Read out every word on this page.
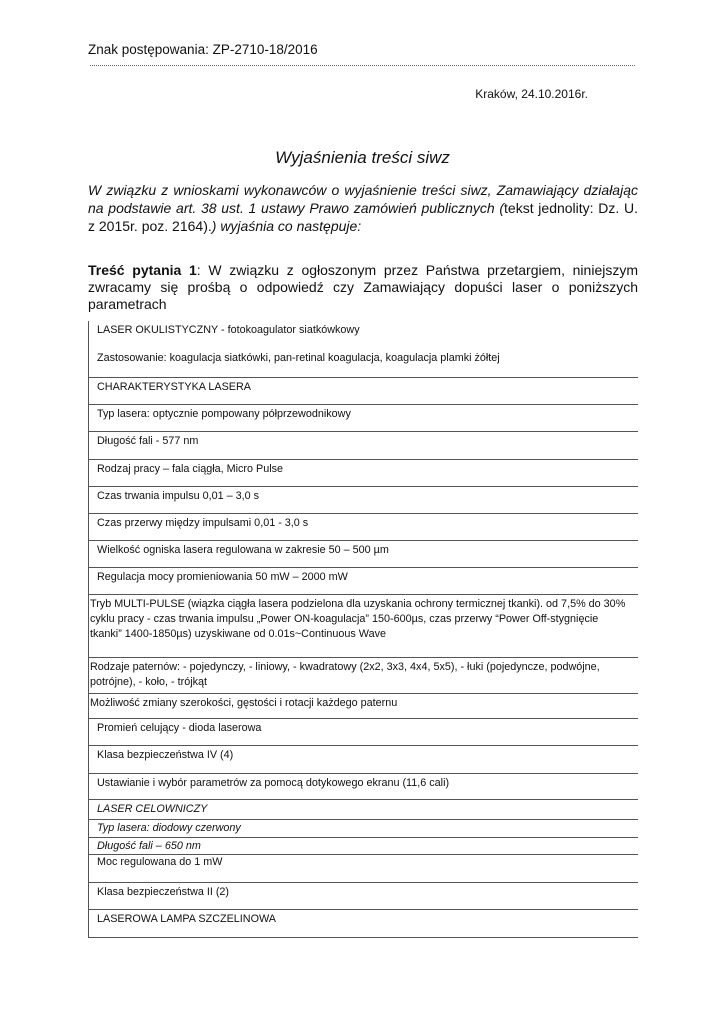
Znak postępowania: ZP-2710-18/2016
Kraków, 24.10.2016r.
Wyjaśnienia treści siwz
W związku z wnioskami wykonawców o wyjaśnienie treści siwz, Zamawiający działając na podstawie art. 38 ust. 1 ustawy Prawo zamówień publicznych (tekst jednolity: Dz. U. z 2015r. poz. 2164).) wyjaśnia co następuje:
Treść pytania 1: W związku z ogłoszonym przez Państwa przetargiem, niniejszym zwracamy się prośbą o odpowiedź czy Zamawiający dopuści laser o poniższych parametrach
LASER OKULISTYCZNY - fotokoagulator siatkówkowy
Zastosowanie: koagulacja siatkówki, pan-retinal koagulacja, koagulacja plamki żółtej
CHARAKTERYSTYKA LASERA
Typ lasera: optycznie pompowany półprzewodnikowy
Długość fali - 577 nm
Rodzaj pracy – fala ciągła, Micro Pulse
Czas trwania impulsu 0,01 – 3,0 s
Czas przerwy między impulsami 0,01 - 3,0 s
Wielkość ogniska lasera regulowana w zakresie 50 – 500 µm
Regulacja mocy promieniowania 50 mW – 2000 mW
Tryb MULTI-PULSE (wiązka ciągła lasera podzielona dla uzyskania ochrony termicznej tkanki). od 7,5% do 30% cyklu pracy - czas trwania impulsu „Power ON-koagulacja” 150-600µs, czas przerwy “Power Off-stygnięcie tkanki” 1400-1850µs) uzyskiwane od 0.01s~Continuous Wave
Rodzaje paternów: - pojedynczy, - liniowy, - kwadratowy (2x2, 3x3, 4x4, 5x5), - łuki (pojedyncze, podwójne, potrójne), - koło, - trójkąt
Możliwość zmiany szerokości, gęstości i rotacji każdego paternu
Promień celujący - dioda laserowa
Klasa bezpieczeństwa IV (4)
Ustawianie i wybór parametrów za pomocą dotykowego ekranu (11,6 cali)
LASER CELOWNICZY
Typ lasera: diodowy czerwony
Długość fali – 650 nm
Moc regulowana do 1 mW
Klasa bezpieczeństwa II (2)
LASEROWA LAMPA SZCZELINOWA
